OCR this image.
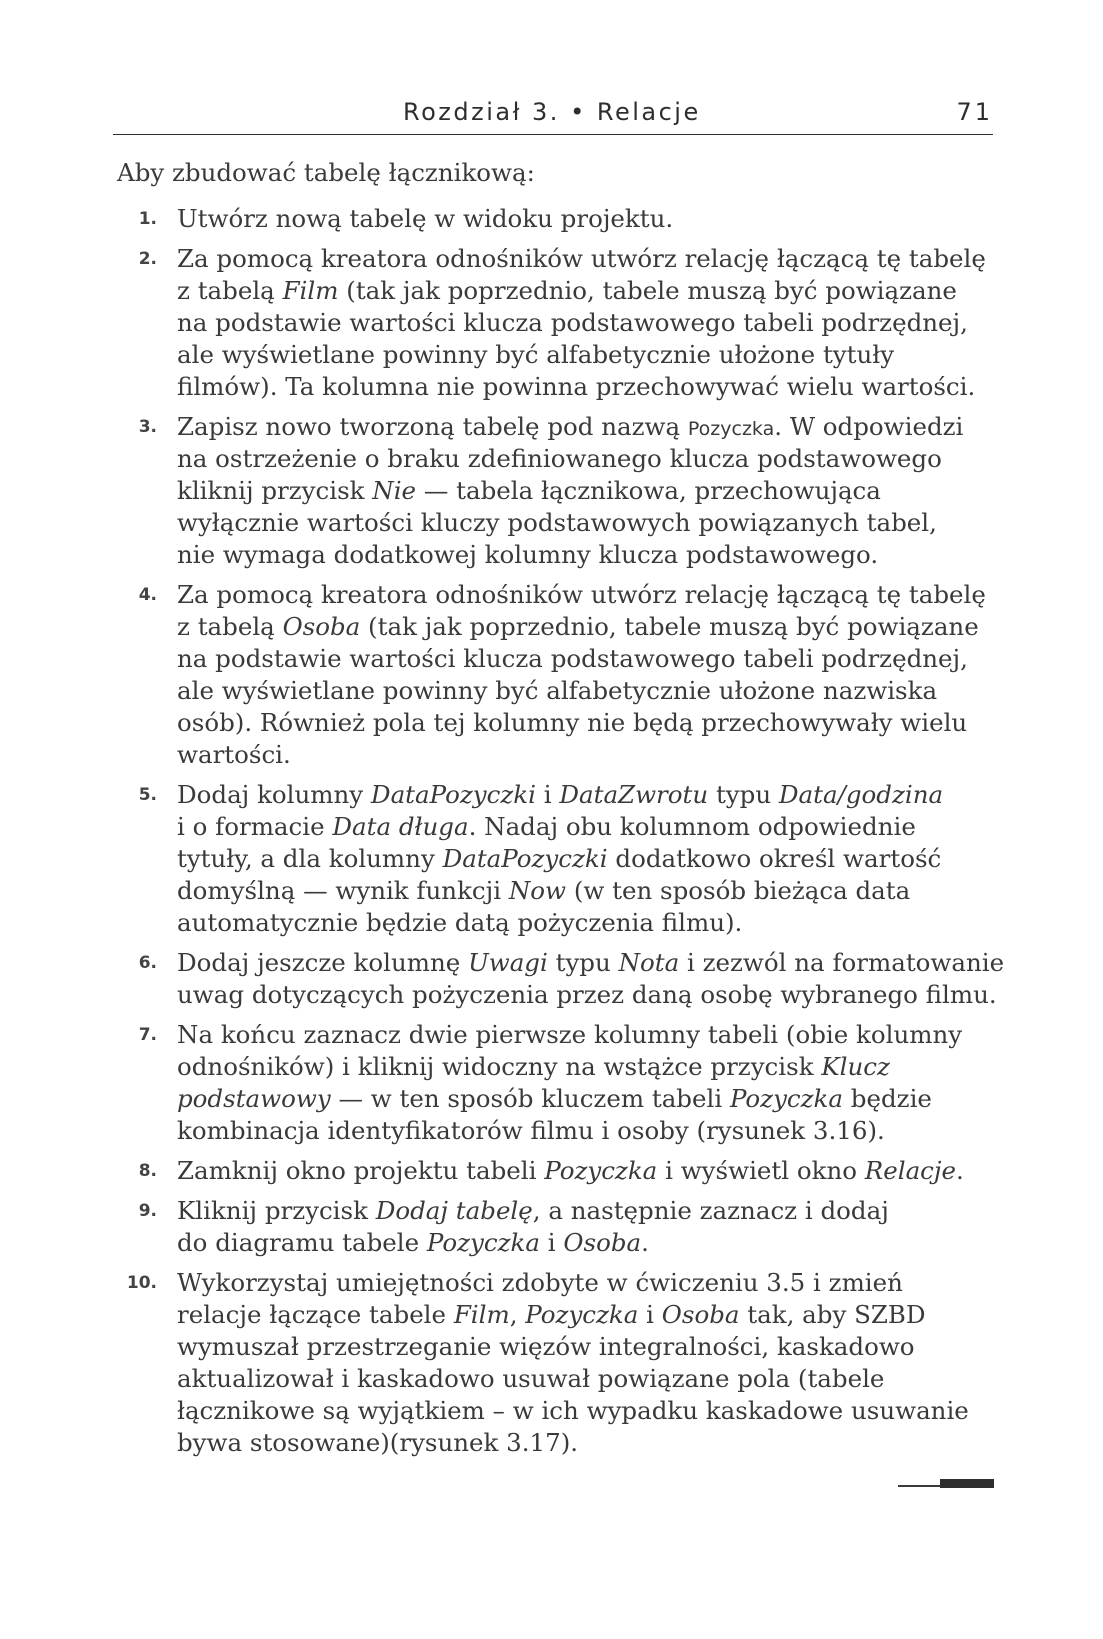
Rozdział 3. • Relacje	71
Aby zbudować tabelę łącznikową:
1. Utwórz nową tabelę w widoku projektu.
2. Za pomocą kreatora odnośników utwórz relację łączącą tę tabelę
z tabelą Film (tak jak poprzednio, tabele muszą być powiązane
na podstawie wartości klucza podstawowego tabeli podrzędnej,
ale wyświetlane powinny być alfabetycznie ułożone tytuły
filmów). Ta kolumna nie powinna przechowywać wielu wartości.
3. Zapisz nowo tworzoną tabelę pod nazwą Pozyczka. W odpowiedzi
na ostrzeżenie o braku zdefiniowanego klucza podstawowego
kliknij przycisk Nie — tabela łącznikowa, przechowująca
wyłącznie wartości kluczy podstawowych powiązanych tabel,
nie wymaga dodatkowej kolumny klucza podstawowego.
4. Za pomocą kreatora odnośników utwórz relację łączącą tę tabelę
z tabelą Osoba (tak jak poprzednio, tabele muszą być powiązane
na podstawie wartości klucza podstawowego tabeli podrzędnej,
ale wyświetlane powinny być alfabetycznie ułożone nazwiska
osób). Również pola tej kolumny nie będą przechowywały wielu
wartości.
5. Dodaj kolumny DataPozyczki i DataZwrotu typu Data/godzina
i o formacie Data długa. Nadaj obu kolumnom odpowiednie
tytuły, a dla kolumny DataPozyczki dodatkowo określ wartość
domyślną — wynik funkcji Now (w ten sposób bieżąca data
automatycznie będzie datą pożyczenia filmu).
6. Dodaj jeszcze kolumnę Uwagi typu Nota i zezwól na formatowanie
uwag dotyczących pożyczenia przez daną osobę wybranego filmu.
7. Na końcu zaznacz dwie pierwsze kolumny tabeli (obie kolumny
odnośników) i kliknij widoczny na wstążce przycisk Klucz
podstawowy — w ten sposób kluczem tabeli Pozyczka będzie
kombinacja identyfikatorów filmu i osoby (rysunek 3.16).
8. Zamknij okno projektu tabeli Pozyczka i wyświetl okno Relacje.
9. Kliknij przycisk Dodaj tabelę, a następnie zaznacz i dodaj
do diagramu tabele Pozyczka i Osoba.
10. Wykorzystaj umiejętności zdobyte w ćwiczeniu 3.5 i zmień
relacje łączące tabele Film, Pozyczka i Osoba tak, aby SZBD
wymuszał przestrzeganie więzów integralności, kaskadowo
aktualizował i kaskadowo usuwał powiązane pola (tabele
łącznikowe są wyjątkiem – w ich wypadku kaskadowe usuwanie
bywa stosowane)(rysunek 3.17).
